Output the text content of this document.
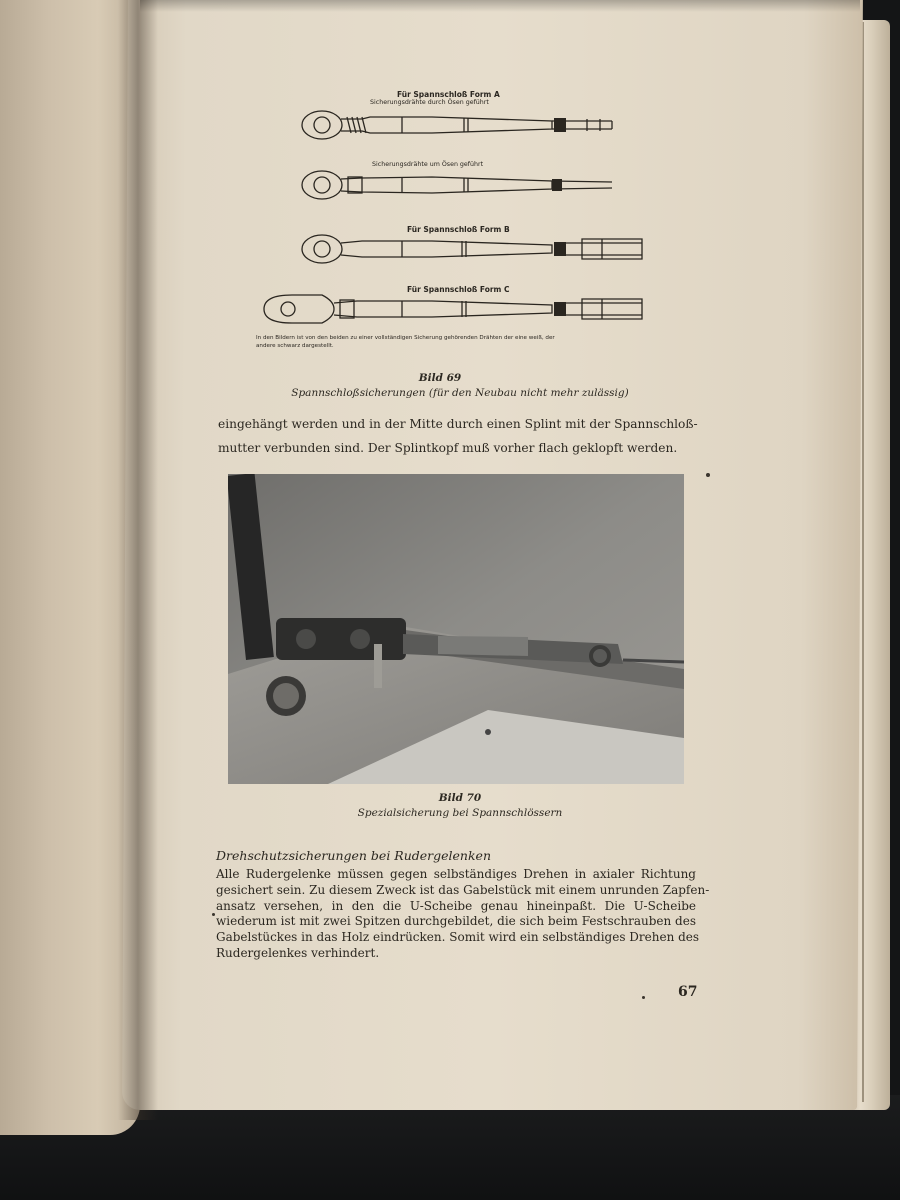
Für Spannschloß Form A
Sicherungsdrähte durch Ösen geführt
Sicherungsdrähte um Ösen geführt
Für Spannschloß Form B
Für Spannschloß Form C
In den Bildern ist von den beiden zu einer vollständigen Sicherung gehörenden Drähten der eine weiß, der
andere schwarz dargestellt.
Bild 69
Spannschloßsicherungen (für den Neubau nicht mehr zulässig)
eingehängt werden und in der Mitte durch einen Splint mit der Spannschloß-
mutter verbunden sind. Der Splintkopf muß vorher flach geklopft werden.
Bild 70
Spezialsicherung bei Spannschlössern
Drehschutzsicherungen bei Rudergelenken
Alle Rudergelenke müssen gegen selbständiges Drehen in axialer Richtung
gesichert sein. Zu diesem Zweck ist das Gabelstück mit einem unrunden Zapfen-
ansatz versehen, in den die U-Scheibe genau hineinpaßt. Die U-Scheibe
wiederum ist mit zwei Spitzen durchgebildet, die sich beim Festschrauben des
Gabelstückes in das Holz eindrücken. Somit wird ein selbständiges Drehen des
Rudergelenkes verhindert.
67
